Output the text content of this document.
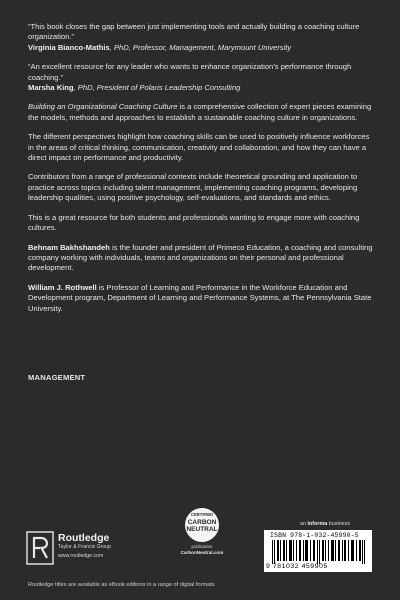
“This book closes the gap between just implementing tools and actually building a coaching culture organization.”
Virginia Bianco-Mathis, PhD, Professor, Management, Marymount University

“An excellent resource for any leader who wants to enhance organization’s performance through coaching.”
Marsha King, PhD, President of Polaris Leadership Consulting

Building an Organizational Coaching Culture is a comprehensive collection of expert pieces examining the models, methods and approaches to establish a sustainable coaching culture in organizations.

The different perspectives highlight how coaching skills can be used to positively influence workforces in the areas of critical thinking, communication, creativity and collaboration, and how they can have a direct impact on performance and productivity.

Contributors from a range of professional contexts include theoretical grounding and application to practice across topics including talent management, implementing coaching programs, developing leadership qualities, using positive psychology, self-evaluations, and standards and ethics.

This is a great resource for both students and professionals wanting to engage more with coaching cultures.

Behnam Bakhshandeh is the founder and president of Primeco Education, a coaching and consulting company working with individuals, teams and organizations on their personal and professional development.

William J. Rothwell is Professor of Learning and Performance in the Workforce Education and Development program, Department of Learning and Performance Systems, at The Pennsylvania State University.

MANAGEMENT
Routledge
Taylor & Francis Group
www.routledge.com
CERTIFIED
CARBON
NEUTRAL
publication
CarbonNeutral.com
an informa business
ISBN 978-1-032-45990-5
9 781032 459905
Routledge titles are available as eBook editions in a range of digital formats
